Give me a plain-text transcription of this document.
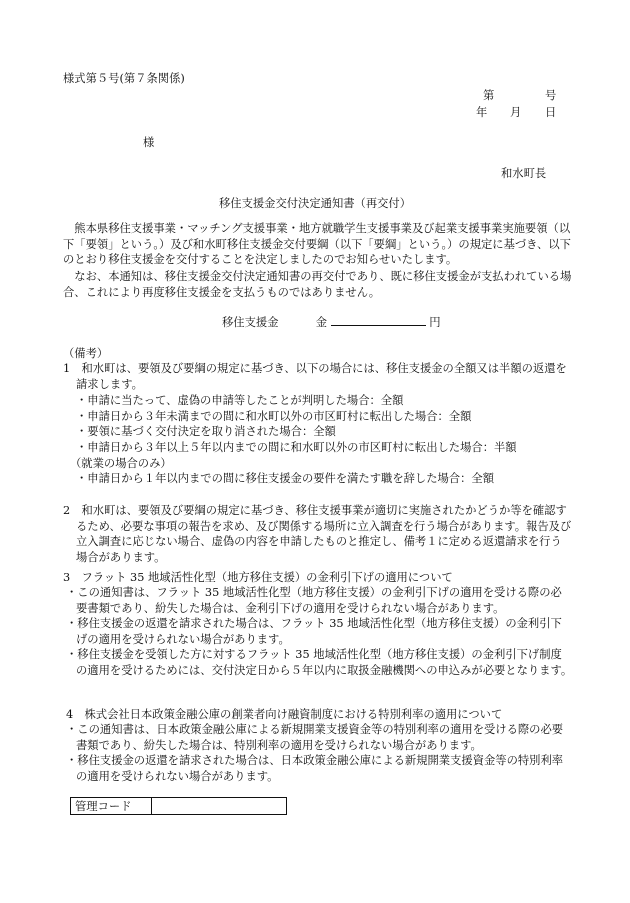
様式第５号(第７条関係)
第	号
年 月 日
様
和水町長
移住支援金交付決定通知書（再交付）
熊本県移住支援事業・マッチング支援事業・地方就職学生支援事業及び起業支援事業実施要領（以下「要領」という。）及び和水町移住支援金交付要綱（以下「要綱」という。）の規定に基づき、以下のとおり移住支援金を交付することを決定しましたのでお知らせいたします。
なお、本通知は、移住支援金交付決定通知書の再交付であり、既に移住支援金が支払われている場合、これにより再度移住支援金を支払うものではありません。
移住支援金	金	円
（備考）
1　和水町は、要領及び要綱の規定に基づき、以下の場合には、移住支援金の全額又は半額の返還を請求します。
・申請に当たって、虚偽の申請等したことが判明した場合：全額
・申請日から３年未満までの間に和水町以外の市区町村に転出した場合：全額
・要領に基づく交付決定を取り消された場合：全額
・申請日から３年以上５年以内までの間に和水町以外の市区町村に転出した場合：半額
（就業の場合のみ）
・申請日から１年以内までの間に移住支援金の要件を満たす職を辞した場合：全額
2　和水町は、要領及び要綱の規定に基づき、移住支援事業が適切に実施されたかどうか等を確認するため、必要な事項の報告を求め、及び関係する場所に立入調査を行う場合があります。報告及び立入調査に応じない場合、虚偽の内容を申請したものと推定し、備考１に定める返還請求を行う場合があります。
3　フラット 35 地域活性化型（地方移住支援）の金利引下げの適用について
・この通知書は、フラット 35 地域活性化型（地方移住支援）の金利引下げの適用を受ける際の必要書類であり、紛失した場合は、金利引下げの適用を受けられない場合があります。
・移住支援金の返還を請求された場合は、フラット 35 地域活性化型（地方移住支援）の金利引下げの適用を受けられない場合があります。
・移住支援金を受領した方に対するフラット 35 地域活性化型（地方移住支援）の金利引下げ制度の適用を受けるためには、交付決定日から５年以内に取扱金融機関への申込みが必要となります。
4　株式会社日本政策金融公庫の創業者向け融資制度における特別利率の適用について
・この通知書は、日本政策金融公庫による新規開業支援資金等の特別利率の適用を受ける際の必要書類であり、紛失した場合は、特別利率の適用を受けられない場合があります。
・移住支援金の返還を請求された場合は、日本政策金融公庫による新規開業支援資金等の特別利率の適用を受けられない場合があります。
管理コード	
